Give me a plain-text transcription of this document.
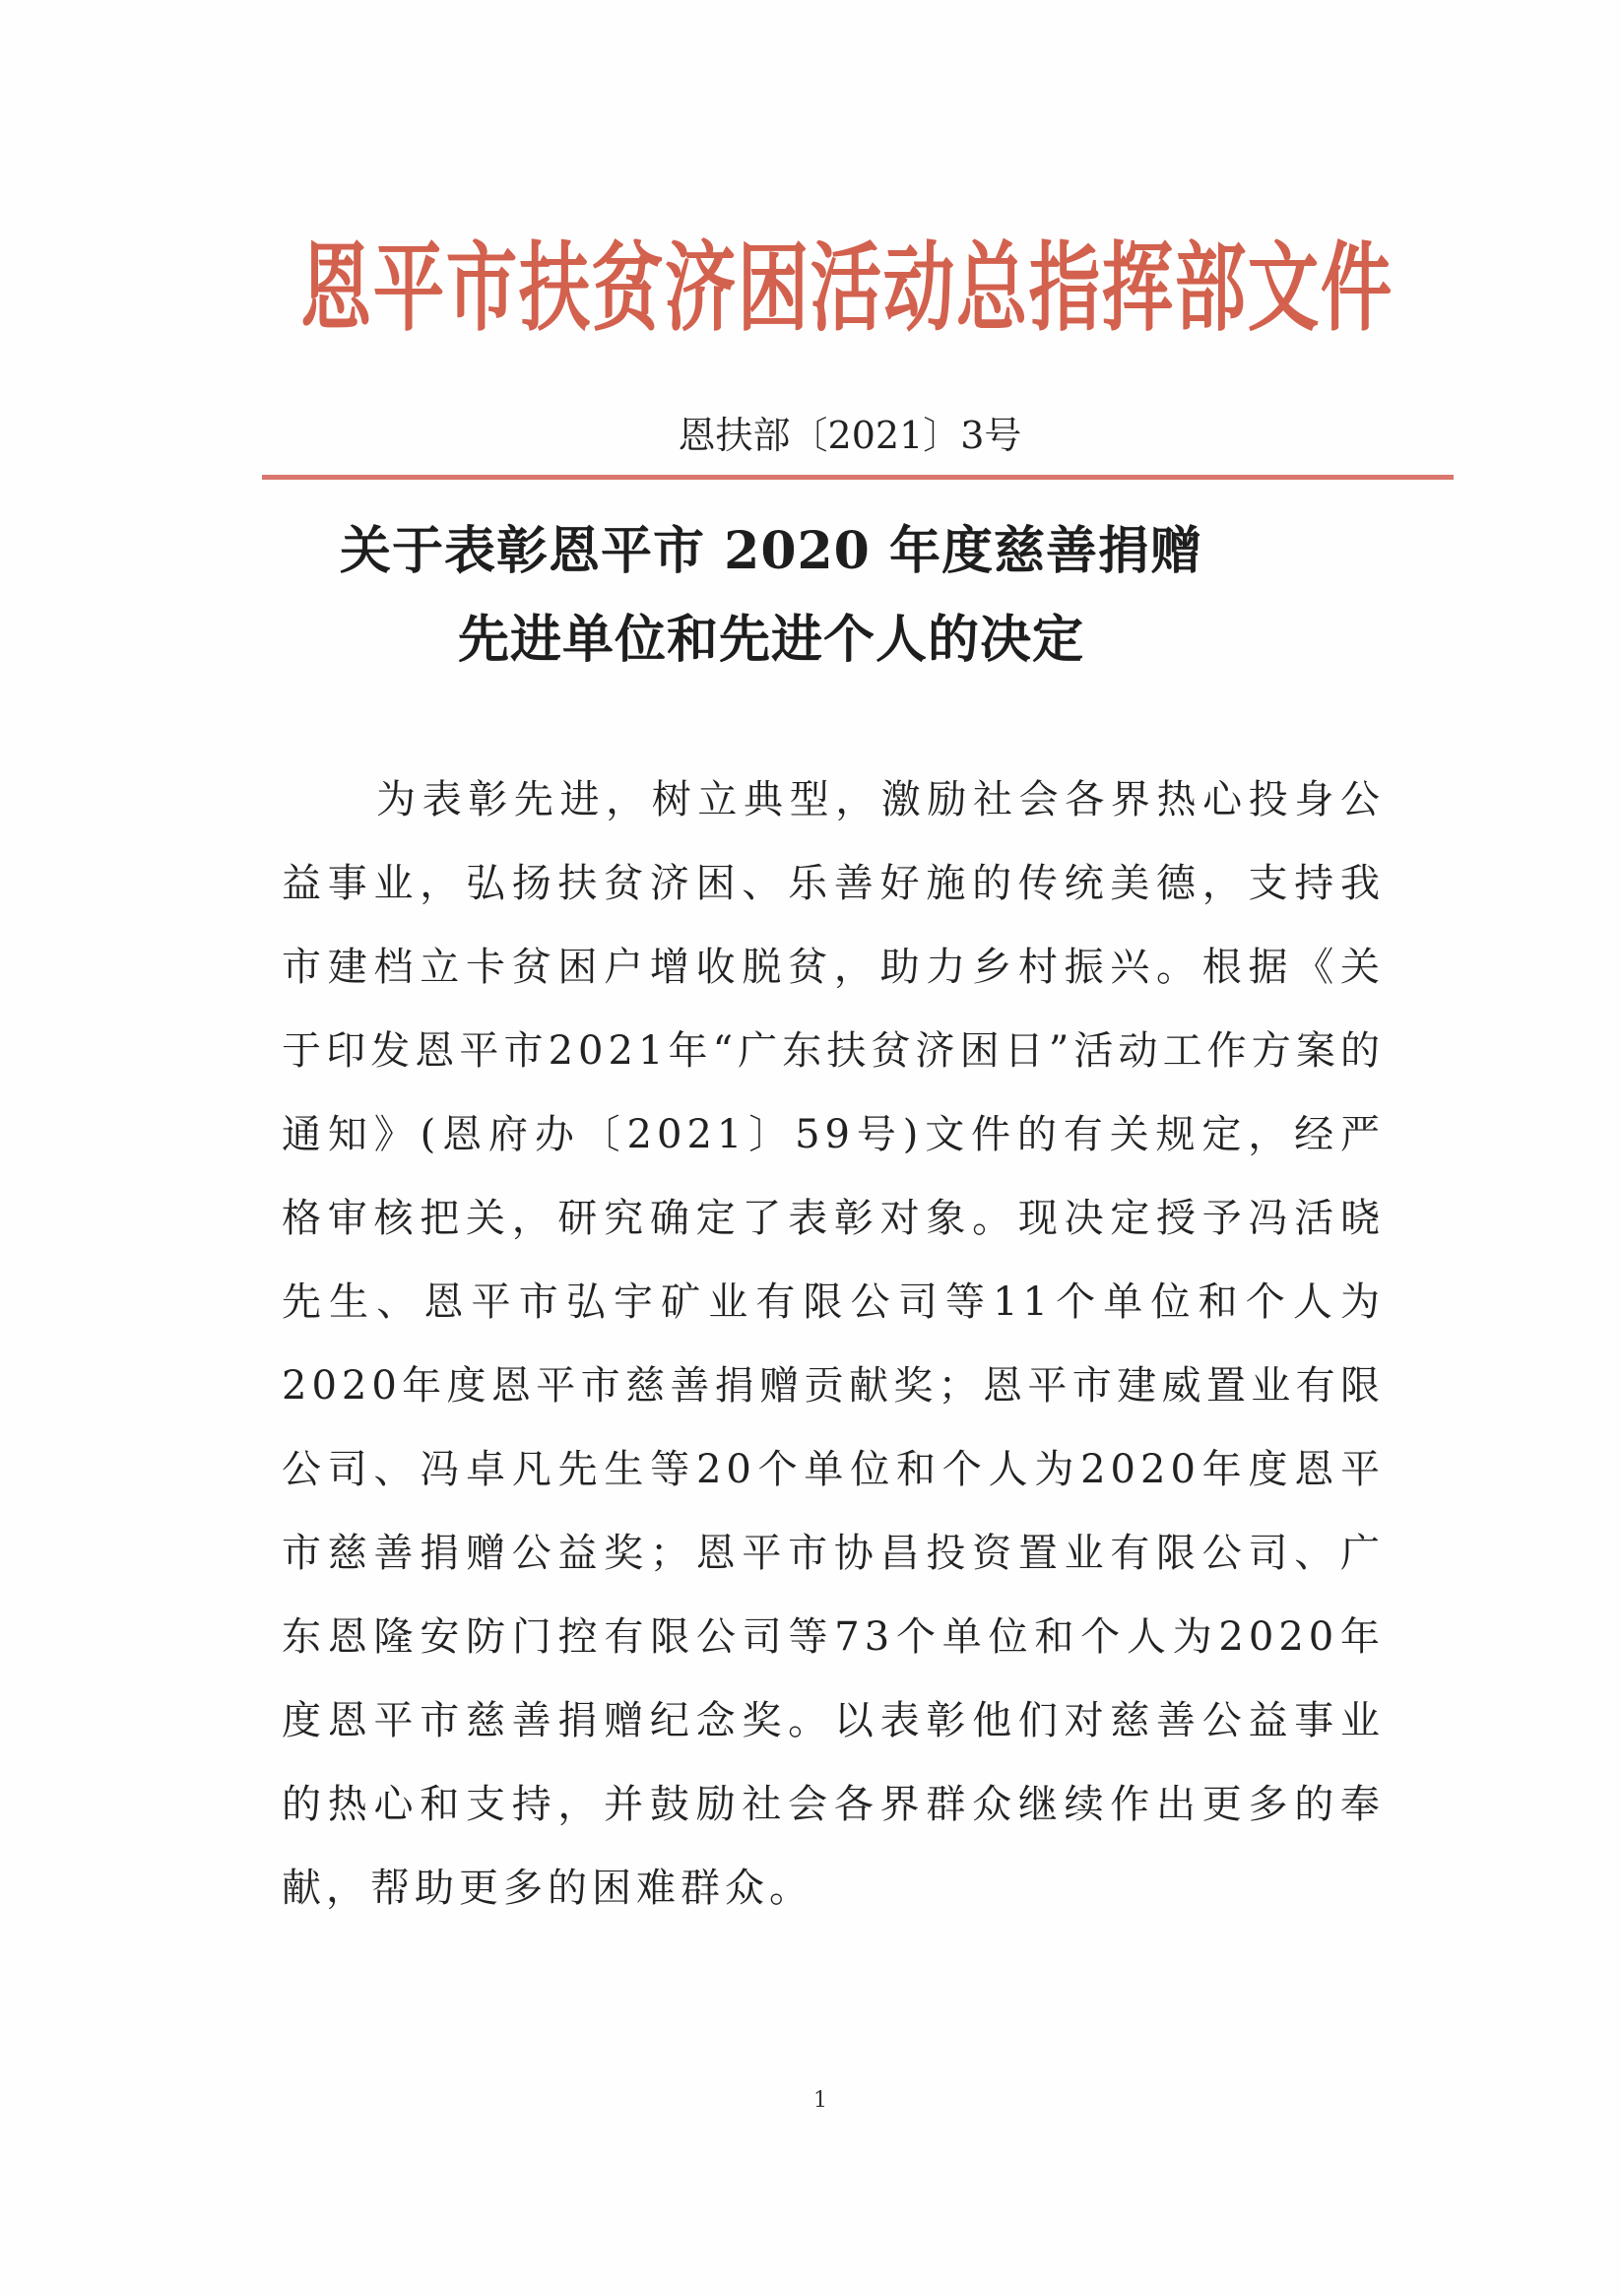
恩平市扶贫济困活动总指挥部文件
恩扶部〔2021〕3号
关于表彰恩平市 2020 年度慈善捐赠
先进单位和先进个人的决定

为表彰先进，树立典型，激励社会各界热心投身公益事业，弘扬扶贫济困、乐善好施的传统美德，支持我市建档立卡贫困户增收脱贫，助力乡村振兴。根据《关于印发恩平市2021年“广东扶贫济困日”活动工作方案的通知》(恩府办〔2021〕59号)文件的有关规定，经严格审核把关，研究确定了表彰对象。现决定授予冯活晓先生、恩平市弘宇矿业有限公司等11个单位和个人为2020年度恩平市慈善捐赠贡献奖；恩平市建威置业有限公司、冯卓凡先生等20个单位和个人为2020年度恩平市慈善捐赠公益奖；恩平市协昌投资置业有限公司、广东恩隆安防门控有限公司等73个单位和个人为2020年度恩平市慈善捐赠纪念奖。以表彰他们对慈善公益事业的热心和支持，并鼓励社会各界群众继续作出更多的奉献，帮助更多的困难群众。

1
